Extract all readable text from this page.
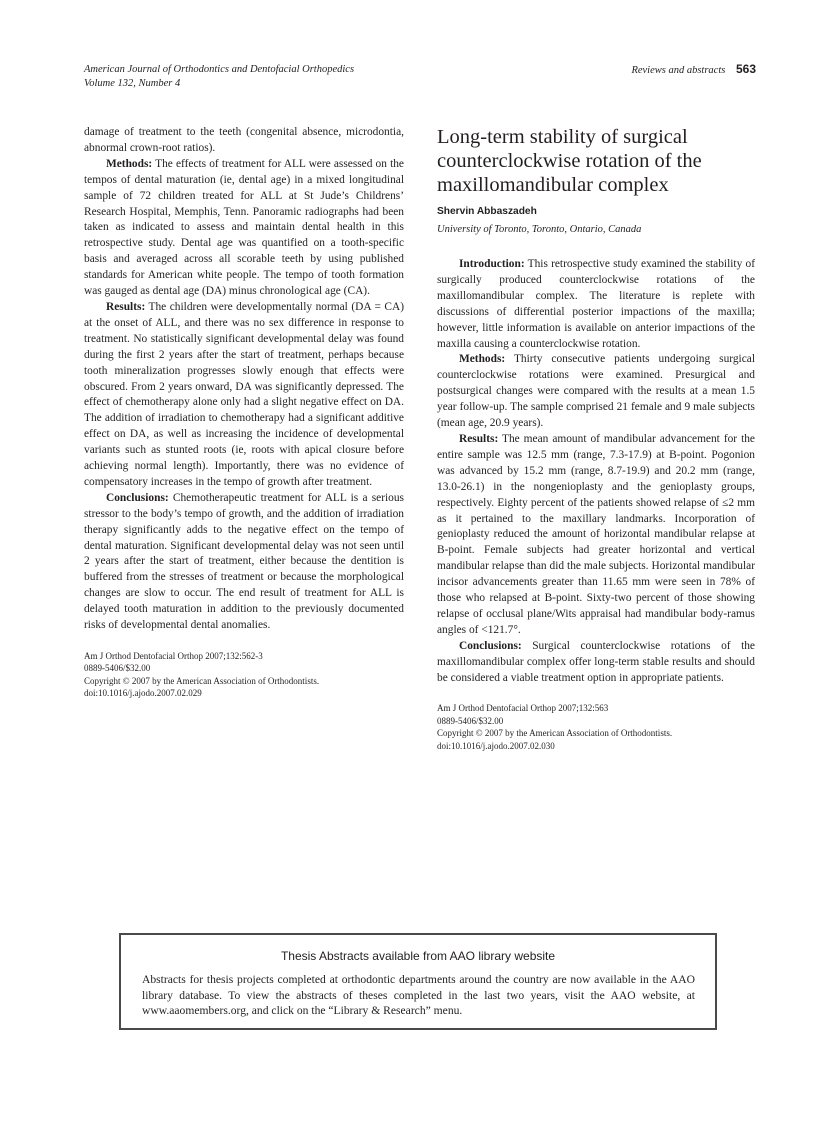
American Journal of Orthodontics and Dentofacial Orthopedics
Volume 132, Number 4
Reviews and abstracts 563

damage of treatment to the teeth (congenital absence, microdontia, abnormal crown-root ratios).

Methods: The effects of treatment for ALL were assessed on the tempos of dental maturation (ie, dental age) in a mixed longitudinal sample of 72 children treated for ALL at St Jude’s Childrens’ Research Hospital, Memphis, Tenn. Panoramic radiographs had been taken as indicated to assess and maintain dental health in this retrospective study. Dental age was quantified on a tooth-specific basis and averaged across all scorable teeth by using published standards for American white people. The tempo of tooth formation was gauged as dental age (DA) minus chronological age (CA).

Results: The children were developmentally normal (DA = CA) at the onset of ALL, and there was no sex difference in response to treatment. No statistically significant developmental delay was found during the first 2 years after the start of treatment, perhaps because tooth mineralization progresses slowly enough that effects were obscured. From 2 years onward, DA was significantly depressed. The effect of chemotherapy alone only had a slight negative effect on DA. The addition of irradiation to chemotherapy had a significant additive effect on DA, as well as increasing the incidence of developmental variants such as stunted roots (ie, roots with apical closure before achieving normal length). Importantly, there was no evidence of compensatory increases in the tempo of growth after treatment.

Conclusions: Chemotherapeutic treatment for ALL is a serious stressor to the body’s tempo of growth, and the addition of irradiation therapy significantly adds to the negative effect on the tempo of dental maturation. Significant developmental delay was not seen until 2 years after the start of treatment, either because the dentition is buffered from the stresses of treatment or because the morphological changes are slow to occur. The end result of treatment for ALL is delayed tooth maturation in addition to the previously documented risks of developmental dental anomalies.

Am J Orthod Dentofacial Orthop 2007;132:562-3
0889-5406/$32.00
Copyright © 2007 by the American Association of Orthodontists.
doi:10.1016/j.ajodo.2007.02.029
Long-term stability of surgical counterclockwise rotation of the maxillomandibular complex
Shervin Abbaszadeh
University of Toronto, Toronto, Ontario, Canada

Introduction: This retrospective study examined the stability of surgically produced counterclockwise rotations of the maxillomandibular complex. The literature is replete with discussions of differential posterior impactions of the maxilla; however, little information is available on anterior impactions of the maxilla causing a counterclockwise rotation.

Methods: Thirty consecutive patients undergoing surgical counterclockwise rotations were examined. Presurgical and postsurgical changes were compared with the results at a mean 1.5 year follow-up. The sample comprised 21 female and 9 male subjects (mean age, 20.9 years).

Results: The mean amount of mandibular advancement for the entire sample was 12.5 mm (range, 7.3-17.9) at B-point. Pogonion was advanced by 15.2 mm (range, 8.7-19.9) and 20.2 mm (range, 13.0-26.1) in the nongenioplasty and the genioplasty groups, respectively. Eighty percent of the patients showed relapse of ≤2 mm as it pertained to the maxillary landmarks. Incorporation of genioplasty reduced the amount of horizontal mandibular relapse at B-point. Female subjects had greater horizontal and vertical mandibular relapse than did the male subjects. Horizontal mandibular incisor advancements greater than 11.65 mm were seen in 78% of those who relapsed at B-point. Sixty-two percent of those showing relapse of occlusal plane/Wits appraisal had mandibular body-ramus angles of <121.7°.

Conclusions: Surgical counterclockwise rotations of the maxillomandibular complex offer long-term stable results and should be considered a viable treatment option in appropriate patients.

Am J Orthod Dentofacial Orthop 2007;132:563
0889-5406/$32.00
Copyright © 2007 by the American Association of Orthodontists.
doi:10.1016/j.ajodo.2007.02.030
Thesis Abstracts available from AAO library website
Abstracts for thesis projects completed at orthodontic departments around the country are now available in the AAO library database. To view the abstracts of theses completed in the last two years, visit the AAO website, at www.aaomembers.org, and click on the “Library & Research” menu.
